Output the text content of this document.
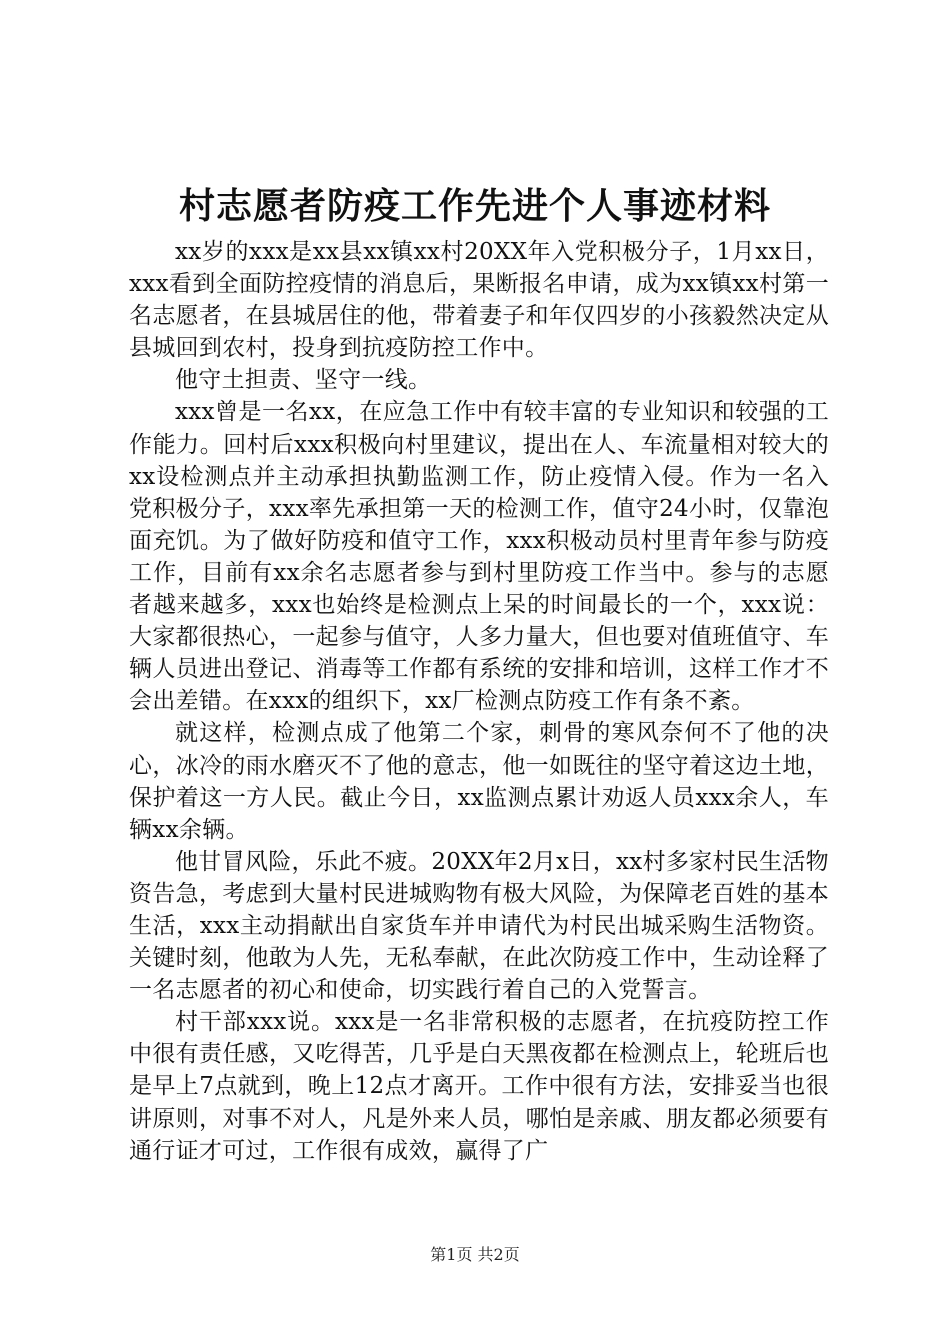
村志愿者防疫工作先进个人事迹材料

xx岁的xxx是xx县xx镇xx村20XX年入党积极分子，1月xx日，xxx看到全面防控疫情的消息后，果断报名申请，成为xx镇xx村第一名志愿者，在县城居住的他，带着妻子和年仅四岁的小孩毅然决定从县城回到农村，投身到抗疫防控工作中。

他守土担责、坚守一线。

xxx曾是一名xx，在应急工作中有较丰富的专业知识和较强的工作能力。回村后xxx积极向村里建议，提出在人、车流量相对较大的xx设检测点并主动承担执勤监测工作，防止疫情入侵。作为一名入党积极分子，xxx率先承担第一天的检测工作，值守24小时，仅靠泡面充饥。为了做好防疫和值守工作，xxx积极动员村里青年参与防疫工作，目前有xx余名志愿者参与到村里防疫工作当中。参与的志愿者越来越多，xxx也始终是检测点上呆的时间最长的一个，xxx说：大家都很热心，一起参与值守，人多力量大，但也要对值班值守、车辆人员进出登记、消毒等工作都有系统的安排和培训，这样工作才不会出差错。在xxx的组织下，xx厂检测点防疫工作有条不紊。

就这样，检测点成了他第二个家，刺骨的寒风奈何不了他的决心，冰冷的雨水磨灭不了他的意志，他一如既往的坚守着这边土地，保护着这一方人民。截止今日，xx监测点累计劝返人员xxx余人，车辆xx余辆。

他甘冒风险，乐此不疲。20XX年2月x日，xx村多家村民生活物资告急，考虑到大量村民进城购物有极大风险，为保障老百姓的基本生活，xxx主动捐献出自家货车并申请代为村民出城采购生活物资。关键时刻，他敢为人先，无私奉献，在此次防疫工作中，生动诠释了一名志愿者的初心和使命，切实践行着自己的入党誓言。

村干部xxx说。xxx是一名非常积极的志愿者，在抗疫防控工作中很有责任感，又吃得苦，几乎是白天黑夜都在检测点上，轮班后也是早上7点就到，晚上12点才离开。工作中很有方法，安排妥当也很讲原则，对事不对人，凡是外来人员，哪怕是亲戚、朋友都必须要有通行证才可过，工作很有成效，赢得了广

第1页 共2页
